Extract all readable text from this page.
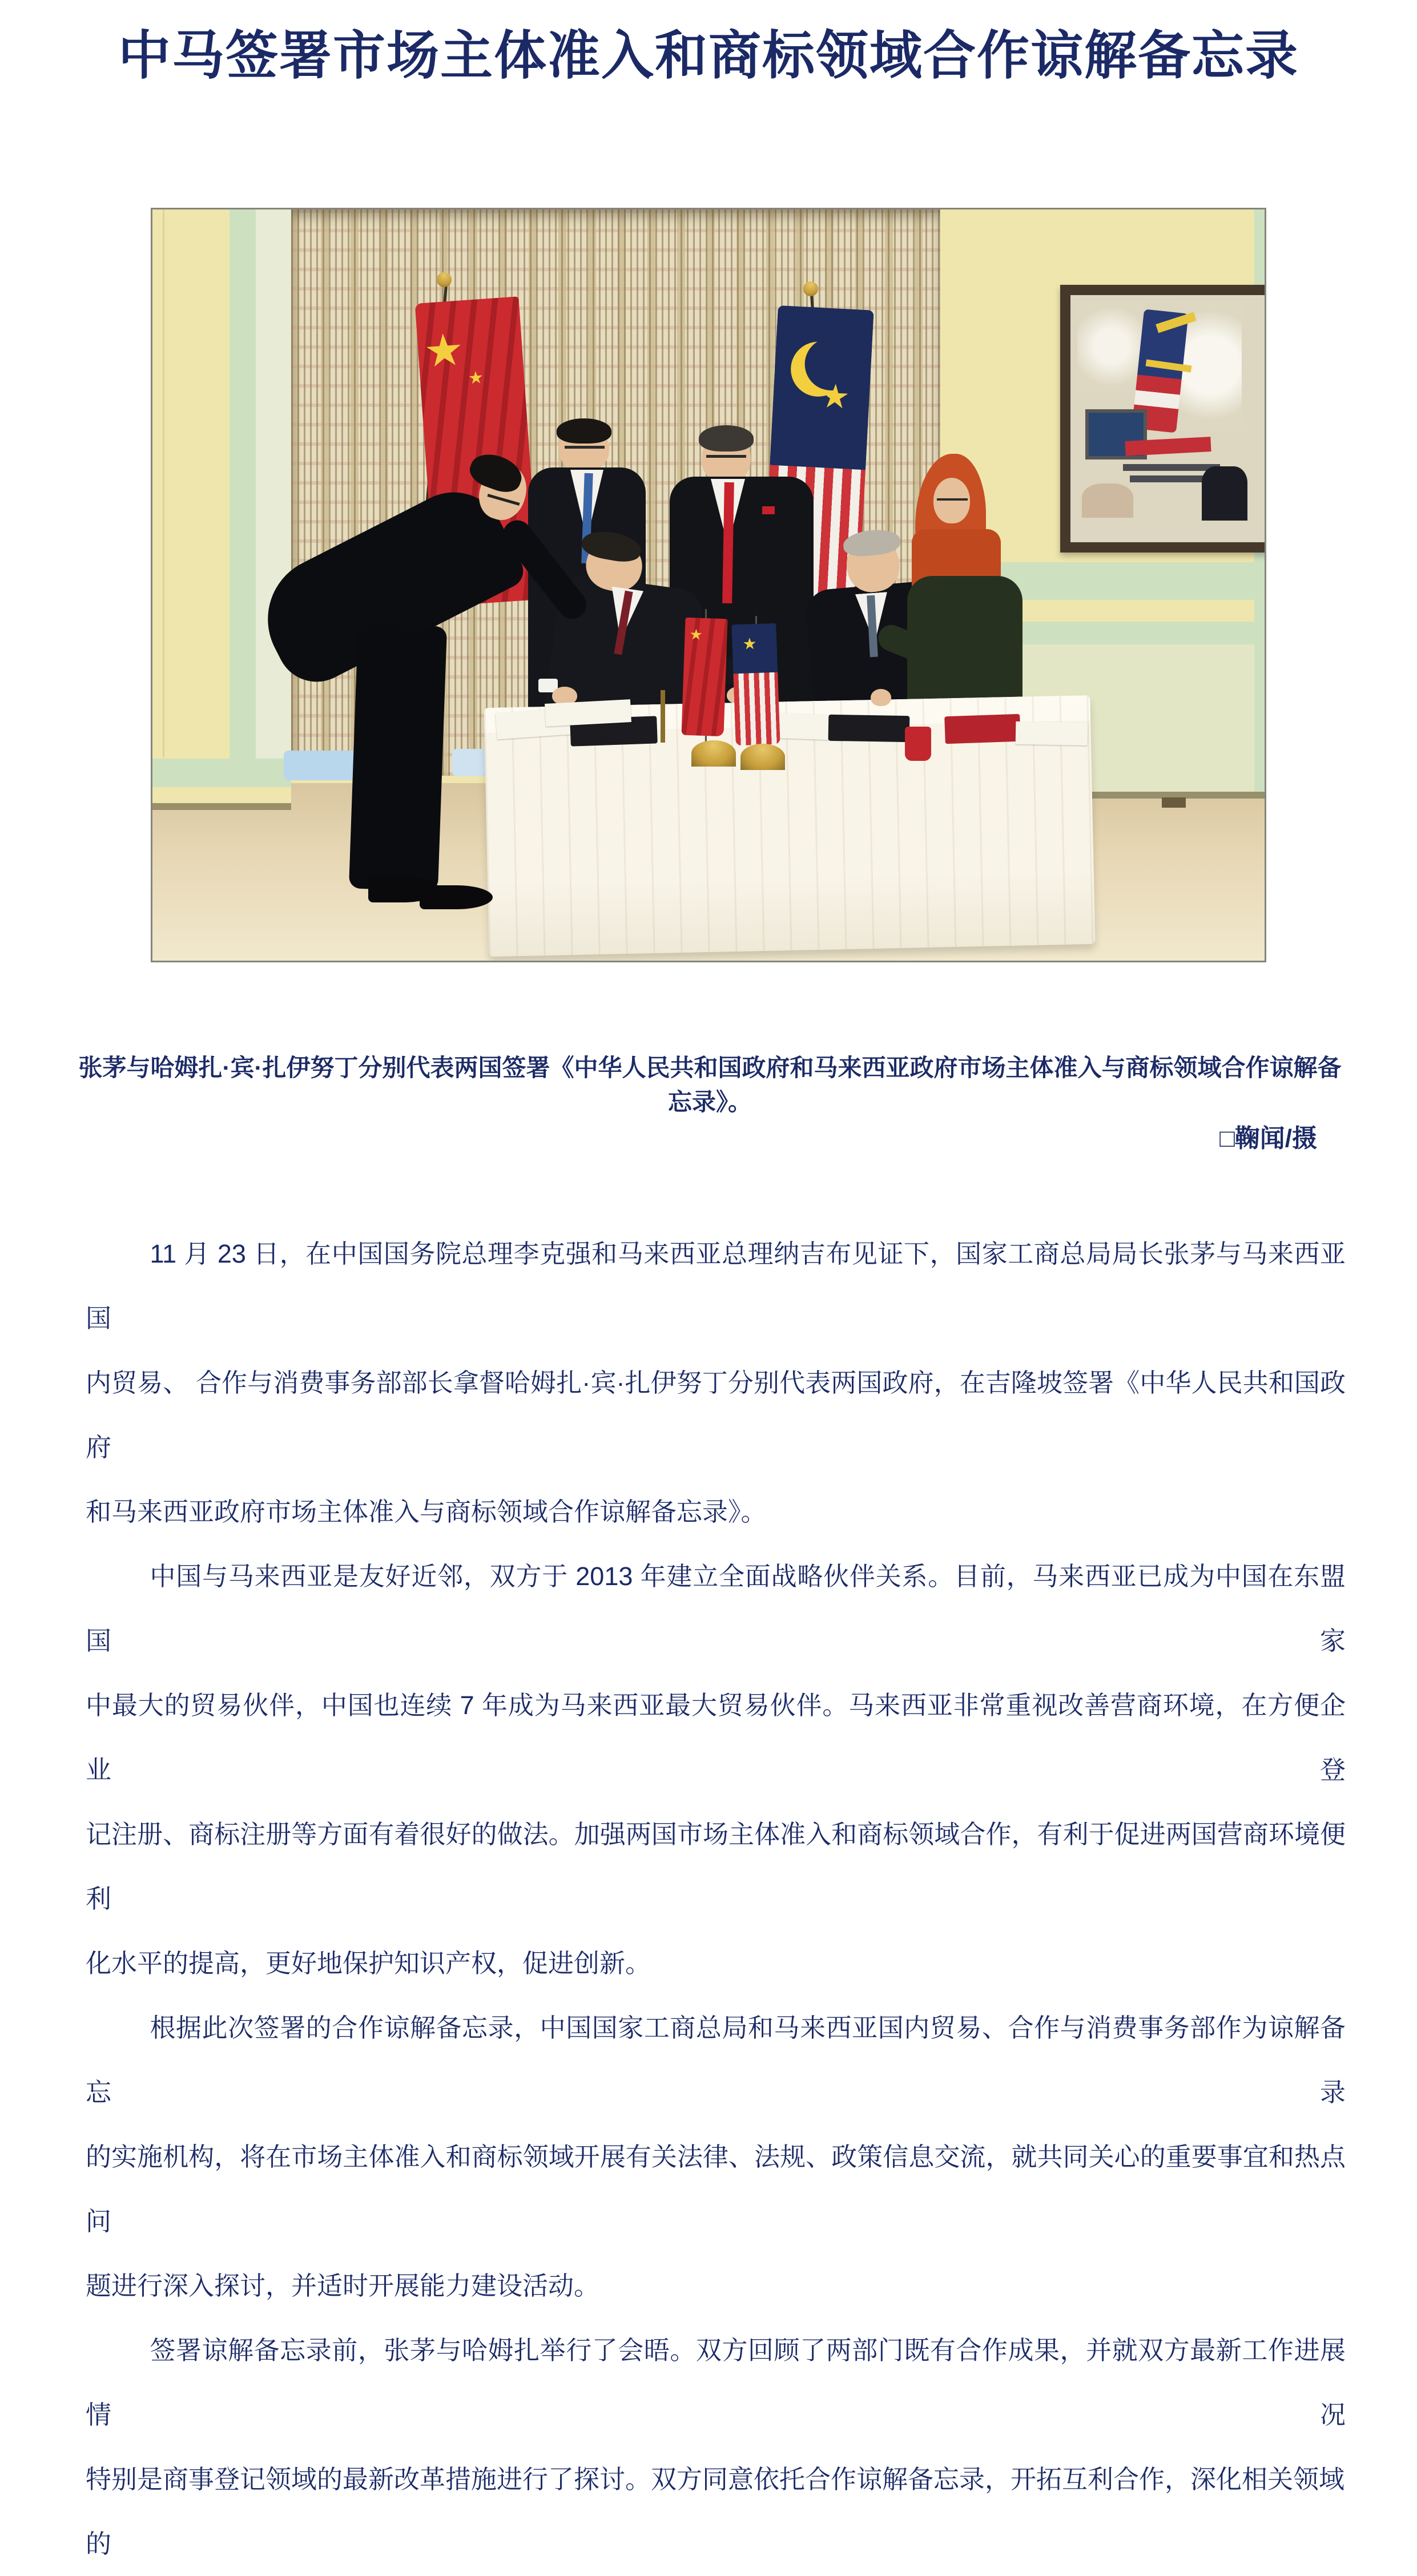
中马签署市场主体准入和商标领域合作谅解备忘录
★
★	★
★
★
张茅与哈姆扎·宾·扎伊努丁分别代表两国签署《中华人民共和国政府和马来西亚政府市场主体准入与商标领域合作谅解备忘录》。
□鞠闻/摄
11 月 23 日，在中国国务院总理李克强和马来西亚总理纳吉布见证下，国家工商总局局长张茅与马来西亚国
内贸易、 合作与消费事务部部长拿督哈姆扎·宾·扎伊努丁分别代表两国政府，在吉隆坡签署《中华人民共和国政府
和马来西亚政府市场主体准入与商标领域合作谅解备忘录》。
中国与马来西亚是友好近邻，双方于 2013 年建立全面战略伙伴关系。目前，马来西亚已成为中国在东盟国家
中最大的贸易伙伴，中国也连续 7 年成为马来西亚最大贸易伙伴。马来西亚非常重视改善营商环境，在方便企业登
记注册、商标注册等方面有着很好的做法。加强两国市场主体准入和商标领域合作，有利于促进两国营商环境便利
化水平的提高，更好地保护知识产权，促进创新。
根据此次签署的合作谅解备忘录，中国国家工商总局和马来西亚国内贸易、合作与消费事务部作为谅解备忘录
的实施机构，将在市场主体准入和商标领域开展有关法律、法规、政策信息交流，就共同关心的重要事宜和热点问
题进行深入探讨，并适时开展能力建设活动。
签署谅解备忘录前，张茅与哈姆扎举行了会晤。双方回顾了两部门既有合作成果，并就双方最新工作进展情况
特别是商事登记领域的最新改革措施进行了探讨。双方同意依托合作谅解备忘录，开拓互利合作，深化相关领域的
